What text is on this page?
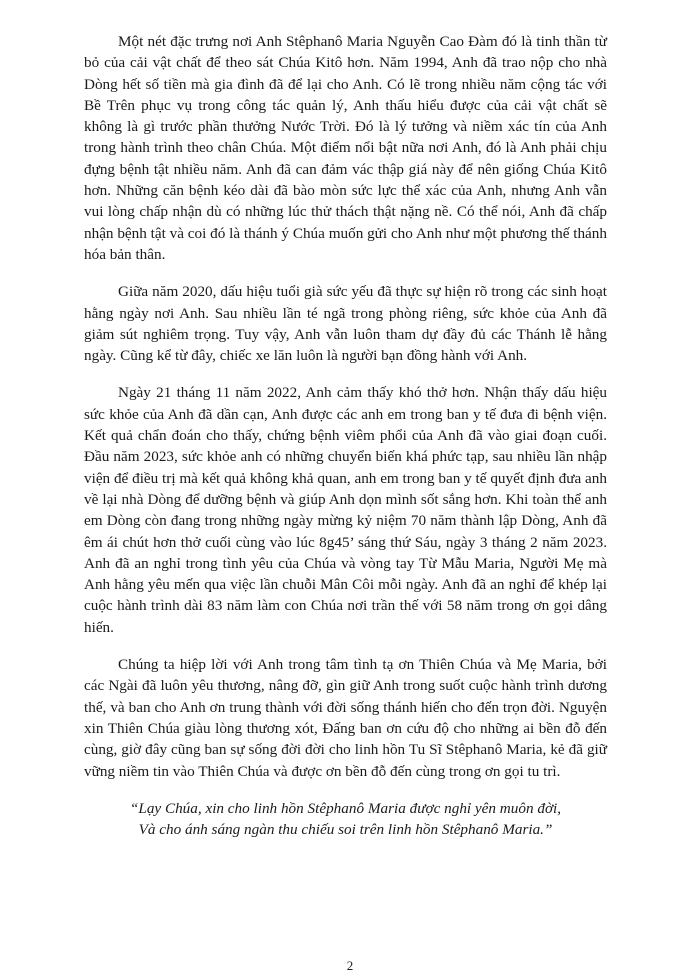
Một nét đặc trưng nơi Anh Stêphanô Maria Nguyễn Cao Đàm đó là tinh thần từ bỏ của cải vật chất để theo sát Chúa Kitô hơn. Năm 1994, Anh đã trao nộp cho nhà Dòng hết số tiền mà gia đình đã để lại cho Anh. Có lẽ trong nhiều năm cộng tác với Bề Trên phục vụ trong công tác quản lý, Anh thấu hiểu được của cải vật chất sẽ không là gì trước phần thưởng Nước Trời. Đó là lý tưởng và niềm xác tín của Anh trong hành trình theo chân Chúa. Một điểm nổi bật nữa nơi Anh, đó là Anh phải chịu đựng bệnh tật nhiều năm. Anh đã can đảm vác thập giá này để nên giống Chúa Kitô hơn. Những căn bệnh kéo dài đã bào mòn sức lực thể xác của Anh, nhưng Anh vẫn vui lòng chấp nhận dù có những lúc thử thách thật nặng nề. Có thể nói, Anh đã chấp nhận bệnh tật và coi đó là thánh ý Chúa muốn gửi cho Anh như một phương thế thánh hóa bản thân.

Giữa năm 2020, dấu hiệu tuổi già sức yếu đã thực sự hiện rõ trong các sinh hoạt hằng ngày nơi Anh. Sau nhiều lần té ngã trong phòng riêng, sức khỏe của Anh đã giảm sút nghiêm trọng. Tuy vậy, Anh vẫn luôn tham dự đầy đủ các Thánh lễ hằng ngày. Cũng kể từ đây, chiếc xe lăn luôn là người bạn đồng hành với Anh.

Ngày 21 tháng 11 năm 2022, Anh cảm thấy khó thở hơn. Nhận thấy dấu hiệu sức khỏe của Anh đã dần cạn, Anh được các anh em trong ban y tế đưa đi bệnh viện. Kết quả chẩn đoán cho thấy, chứng bệnh viêm phổi của Anh đã vào giai đoạn cuối. Đầu năm 2023, sức khỏe anh có những chuyển biến khá phức tạp, sau nhiều lần nhập viện để điều trị mà kết quả không khả quan, anh em trong ban y tế quyết định đưa anh về lại nhà Dòng để dưỡng bệnh và giúp Anh dọn mình sốt sắng hơn. Khi toàn thể anh em Dòng còn đang trong những ngày mừng kỷ niệm 70 năm thành lập Dòng, Anh đã êm ái chút hơn thở cuối cùng vào lúc 8g45’ sáng thứ Sáu, ngày 3 tháng 2 năm 2023. Anh đã an nghỉ trong tình yêu của Chúa và vòng tay Từ Mẫu Maria, Người Mẹ mà Anh hằng yêu mến qua việc lần chuỗi Mân Côi mỗi ngày. Anh đã an nghỉ để khép lại cuộc hành trình dài 83 năm làm con Chúa nơi trần thế với 58 năm trong ơn gọi dâng hiến.

Chúng ta hiệp lời với Anh trong tâm tình tạ ơn Thiên Chúa và Mẹ Maria, bởi các Ngài đã luôn yêu thương, nâng đỡ, gìn giữ Anh trong suốt cuộc hành trình dương thế, và ban cho Anh ơn trung thành với đời sống thánh hiến cho đến trọn đời. Nguyện xin Thiên Chúa giàu lòng thương xót, Đấng ban ơn cứu độ cho những ai bền đỗ đến cùng, giờ đây cũng ban sự sống đời đời cho linh hồn Tu Sĩ Stêphanô Maria, kẻ đã giữ vững niềm tin vào Thiên Chúa và được ơn bền đỗ đến cùng trong ơn gọi tu trì.

“Lạy Chúa, xin cho linh hồn Stêphanô Maria được nghỉ yên muôn đời,
Và cho ánh sáng ngàn thu chiếu soi trên linh hồn Stêphanô Maria.”
2
